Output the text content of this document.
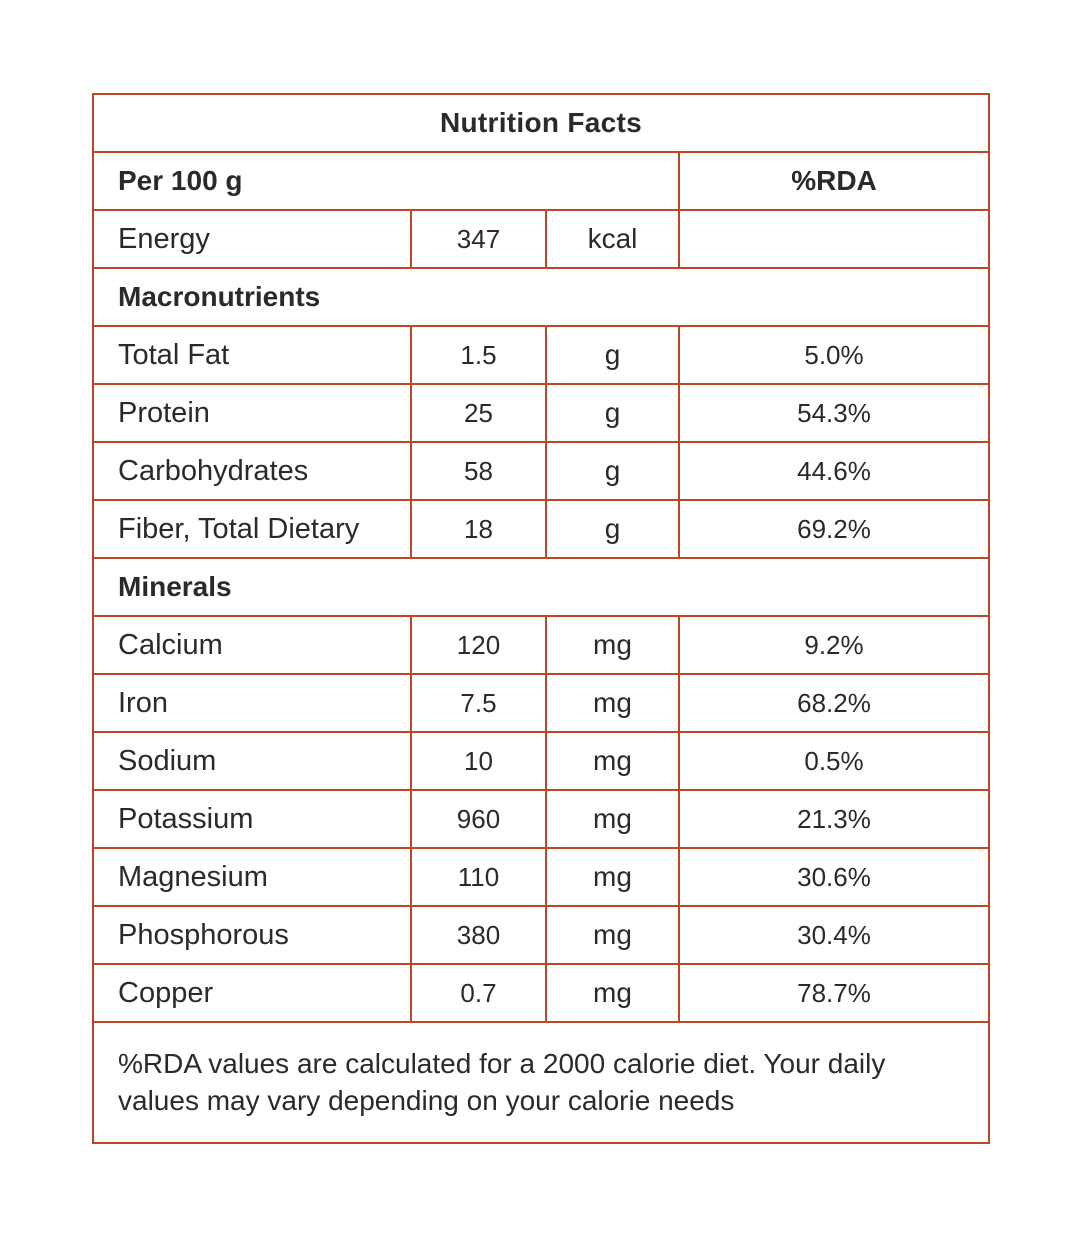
Nutrition Facts			
Per 100 g			%RDA
Energy	347	kcal	
Macronutrients			
Total Fat	1.5	g	5.0%
Protein	25	g	54.3%
Carbohydrates	58	g	44.6%
Fiber, Total Dietary	18	g	69.2%
Minerals			
Calcium	120	mg	9.2%
Iron	7.5	mg	68.2%
Sodium	10	mg	0.5%
Potassium	960	mg	21.3%
Magnesium	110	mg	30.6%
Phosphorous	380	mg	30.4%
Copper	0.7	mg	78.7%
%RDA values are calculated for a 2000 calorie diet. Your daily values may vary depending on your calorie needs			
